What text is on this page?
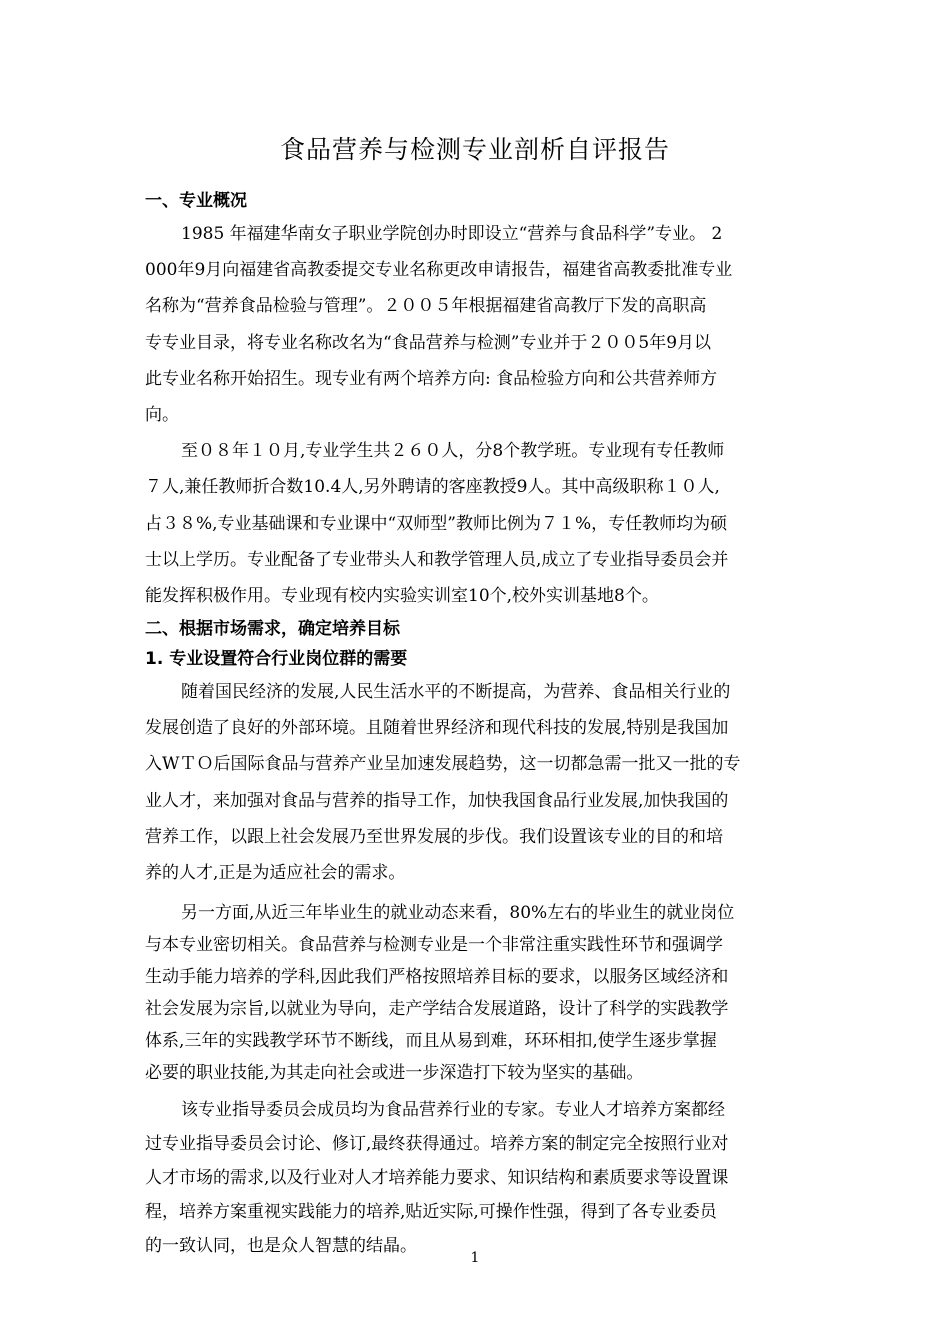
食品营养与检测专业剖析自评报告
一、专业概况
1985 年福建华南女子职业学院创办时即设立“营养与食品科学”专业。 2
000年9月向福建省高教委提交专业名称更改申请报告，福建省高教委批准专业
名称为“营养食品检验与管理”。２００５年根据福建省高教厅下发的高职高
专专业目录，将专业名称改名为“食品营养与检测”专业并于２００5年9月以
此专业名称开始招生。现专业有两个培养方向: 食品检验方向和公共营养师方
向。
至０８年１０月,专业学生共２６０人，分8个教学班。专业现有专任教师
７人,兼任教师折合数10.4人,另外聘请的客座教授9人。其中高级职称１０人,
占３８%,专业基础课和专业课中“双师型”教师比例为７１%，专任教师均为硕
士以上学历。专业配备了专业带头人和教学管理人员,成立了专业指导委员会并
能发挥积极作用。专业现有校内实验实训室10个,校外实训基地8个。
二、根据市场需求，确定培养目标
1. 专业设置符合行业岗位群的需要
随着国民经济的发展,人民生活水平的不断提高，为营养、食品相关行业的
发展创造了良好的外部环境。且随着世界经济和现代科技的发展,特别是我国加
入WＴＯ后国际食品与营养产业呈加速发展趋势，这一切都急需一批又一批的专
业人才，来加强对食品与营养的指导工作，加快我国食品行业发展,加快我国的
营养工作，以跟上社会发展乃至世界发展的步伐。我们设置该专业的目的和培
养的人才,正是为适应社会的需求。
另一方面,从近三年毕业生的就业动态来看，80%左右的毕业生的就业岗位
与本专业密切相关。食品营养与检测专业是一个非常注重实践性环节和强调学
生动手能力培养的学科,因此我们严格按照培养目标的要求，以服务区域经济和
社会发展为宗旨,以就业为导向，走产学结合发展道路，设计了科学的实践教学
体系,三年的实践教学环节不断线，而且从易到难，环环相扣,使学生逐步掌握
必要的职业技能,为其走向社会或进一步深造打下较为坚实的基础。
该专业指导委员会成员均为食品营养行业的专家。专业人才培养方案都经
过专业指导委员会讨论、修订,最终获得通过。培养方案的制定完全按照行业对
人才市场的需求,以及行业对人才培养能力要求、知识结构和素质要求等设置课
程，培养方案重视实践能力的培养,贴近实际,可操作性强，得到了各专业委员
的一致认同，也是众人智慧的结晶。
1
